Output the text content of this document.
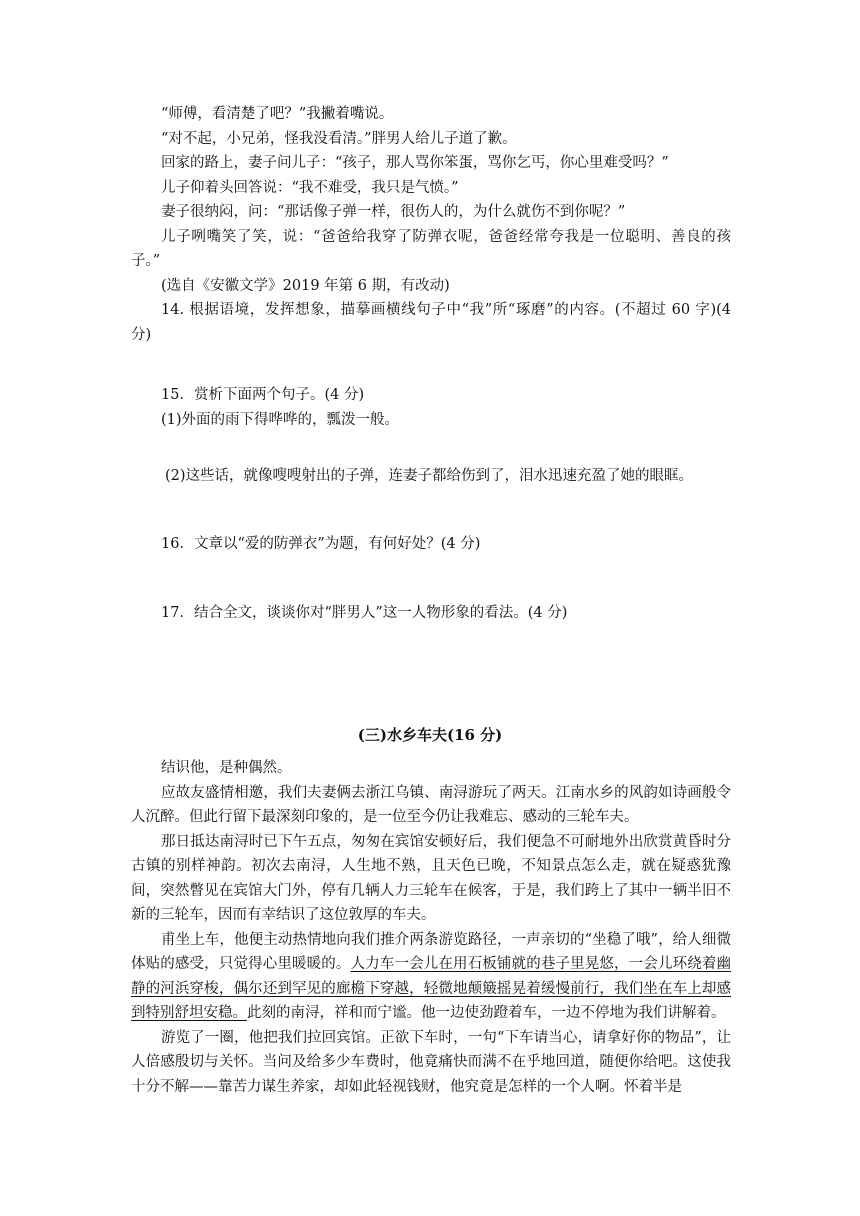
“师傅，看清楚了吧？”我撇着嘴说。

“对不起，小兄弟，怪我没看清。”胖男人给儿子道了歉。

回家的路上，妻子问儿子：“孩子，那人骂你笨蛋，骂你乞丐，你心里难受吗？”

儿子仰着头回答说：“我不难受，我只是气愤。”

妻子很纳闷，问：“那话像子弹一样，很伤人的，为什么就伤不到你呢？”

儿子咧嘴笑了笑，说：“爸爸给我穿了防弹衣呢，爸爸经常夸我是一位聪明、善良的孩子。”

(选自《安徽文学》2019 年第 6 期，有改动)

14. 根据语境，发挥想象，描摹画横线句子中“我”所“琢磨”的内容。(不超过 60 字)(4 分)

15．赏析下面两个句子。(4 分)

(1)外面的雨下得哗哗的，瓢泼一般。

(2)这些话，就像嗖嗖射出的子弹，连妻子都给伤到了，泪水迅速充盈了她的眼眶。

16．文章以“爱的防弹衣”为题，有何好处？(4 分)

17．结合全文，谈谈你对“胖男人”这一人物形象的看法。(4 分)

(三)水乡车夫(16 分)

结识他，是种偶然。

应故友盛情相邀，我们夫妻俩去浙江乌镇、南浔游玩了两天。江南水乡的风韵如诗画般令人沉醉。但此行留下最深刻印象的，是一位至今仍让我难忘、感动的三轮车夫。

那日抵达南浔时已下午五点，匆匆在宾馆安顿好后，我们便急不可耐地外出欣赏黄昏时分古镇的别样神韵。初次去南浔，人生地不熟，且天色已晚，不知景点怎么走，就在疑惑犹豫间，突然瞥见在宾馆大门外，停有几辆人力三轮车在候客，于是，我们跨上了其中一辆半旧不新的三轮车，因而有幸结识了这位敦厚的车夫。

甫坐上车，他便主动热情地向我们推介两条游览路径，一声亲切的“坐稳了哦”，给人细微体贴的感受，只觉得心里暖暖的。人力车一会儿在用石板铺就的巷子里晃悠，一会儿环绕着幽静的河浜穿梭，偶尔还到罕见的廊檐下穿越，轻微地颠簸摇晃着缓慢前行，我们坐在车上却感到特别舒坦安稳。此刻的南浔，祥和而宁谧。他一边使劲蹬着车，一边不停地为我们讲解着。

游览了一圈，他把我们拉回宾馆。正欲下车时，一句“下车请当心，请拿好你的物品”，让人倍感殷切与关怀。当问及给多少车费时，他竟痛快而满不在乎地回道，随便你给吧。这使我十分不解——靠苦力谋生养家，却如此轻视钱财，他究竟是怎样的一个人啊。怀着半是
